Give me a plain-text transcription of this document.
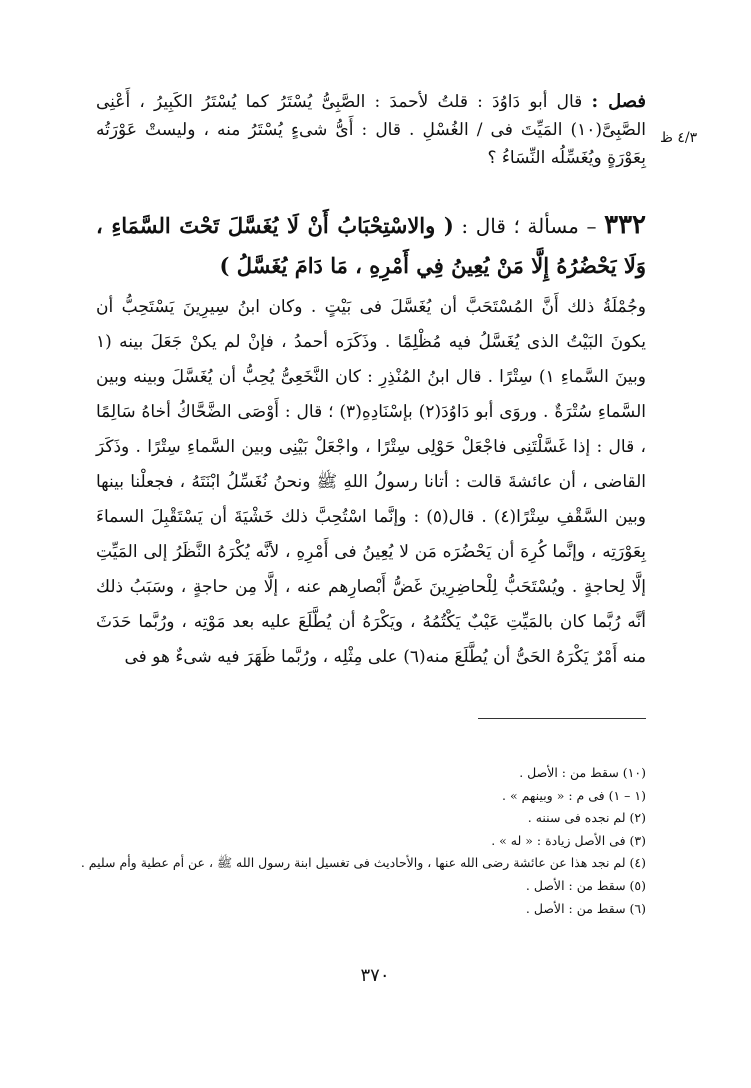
٤/٣ ظ
فصل : قال أبو دَاوُدَ : قلتُ لأحمدَ : الصَّبِىُّ يُسْتَرُ كما يُسْتَرُ الكَبِيرُ ، أَعْنِى الصَّبِىَّ(١٠) المَيِّتَ فى / الغُسْلِ . قال : أَىُّ شىءٍ يُسْتَرُ منه ، وليستْ عَوْرَتُه بِعَوْرَةٍ ويُغَسِّلُه النِّسَاءُ ؟
٣٣٢ – مسألة ؛ قال : ( والاسْتِحْبَابُ أَنْ لَا يُغَسَّلَ تَحْتَ السَّمَاءِ ، وَلَا يَحْضُرُهُ إِلَّا مَنْ يُعِينُ فِي أَمْرِهِ ، مَا دَامَ يُغَسَّلُ )
وجُمْلَةُ ذلك أَنَّ المُسْتَحَبَّ أن يُغَسَّلَ فى بَيْتٍ . وكان ابنُ سِيرِينَ يَسْتَحِبُّ أن يكونَ البَيْتُ الذى يُغَسَّلُ فيه مُظْلِمًا . وذَكَرَه أحمدُ ، فإنْ لم يكنْ جَعَلَ بينه (١ وبينَ السَّماءِ ١) سِتْرًا . قال ابنُ المُنْذِرِ : كان النَّخَعِىُّ يُحِبُّ أن يُغَسَّلَ وبينه وبين السَّماءِ سُتْرَةٌ . وروَى أبو دَاوُدَ(٢) بإسْنَادِهِ(٣) ؛ قال : أَوْصَى الضَّحَّاكُ أخاهُ سَالِمًا ، قال : إذا غَسَّلْتَنِى فاجْعَلْ حَوْلِى سِتْرًا ، واجْعَلْ بَيْنِى وبين السَّماءِ سِتْرًا . وذَكَرَ القاضى ، أن عائشةَ قالت : أتانا رسولُ اللهِ ﷺ ونحنُ نُغَسِّلُ ابْنَتَهُ ، فجعلْنا بينها وبين السَّقْفِ سِتْرًا(٤) . قال(٥) : وإنَّما اسْتُحِبَّ ذلك خَشْيَةَ أن يَسْتَقْبِلَ السماءَ بِعَوْرَتِه ، وإنَّما كُرِهَ أن يَحْضُرَه مَن لا يُعِينُ فى أَمْرِهِ ، لأنَّه يُكْرَهُ النَّظَرُ إلى المَيِّتِ إلَّا لِحاجةٍ . ويُسْتَحَبُّ لِلْحاضِرِينَ غَضُّ أَبْصارِهم عنه ، إلَّا مِن حاجةٍ ، وسَبَبُ ذلك أنَّه رُبَّما كان بالمَيِّتِ عَيْبٌ يَكْتُمُهُ ، ويَكْرَهُ أن يُطَّلَعَ عليه بعد مَوْتِه ، ورُبَّما حَدَثَ منه أَمْرٌ يَكْرَهُ الحَىُّ أن يُطَّلَعَ منه(٦) على مِثْلِه ، ورُبَّما ظَهَرَ فيه شىءٌ هو فى
(١٠) سقط من : الأصل .
(١ – ١) فى م : « وبينهم » .
(٢) لم نجده فى سننه .
(٣) فى الأصل زيادة : « له » .
(٤) لم نجد هذا عن عائشة رضى الله عنها ، والأحاديث فى تغسيل ابنة رسول الله ﷺ ، عن أم عطية وأم سليم .
(٥) سقط من : الأصل .
(٦) سقط من : الأصل .
٣٧٠
